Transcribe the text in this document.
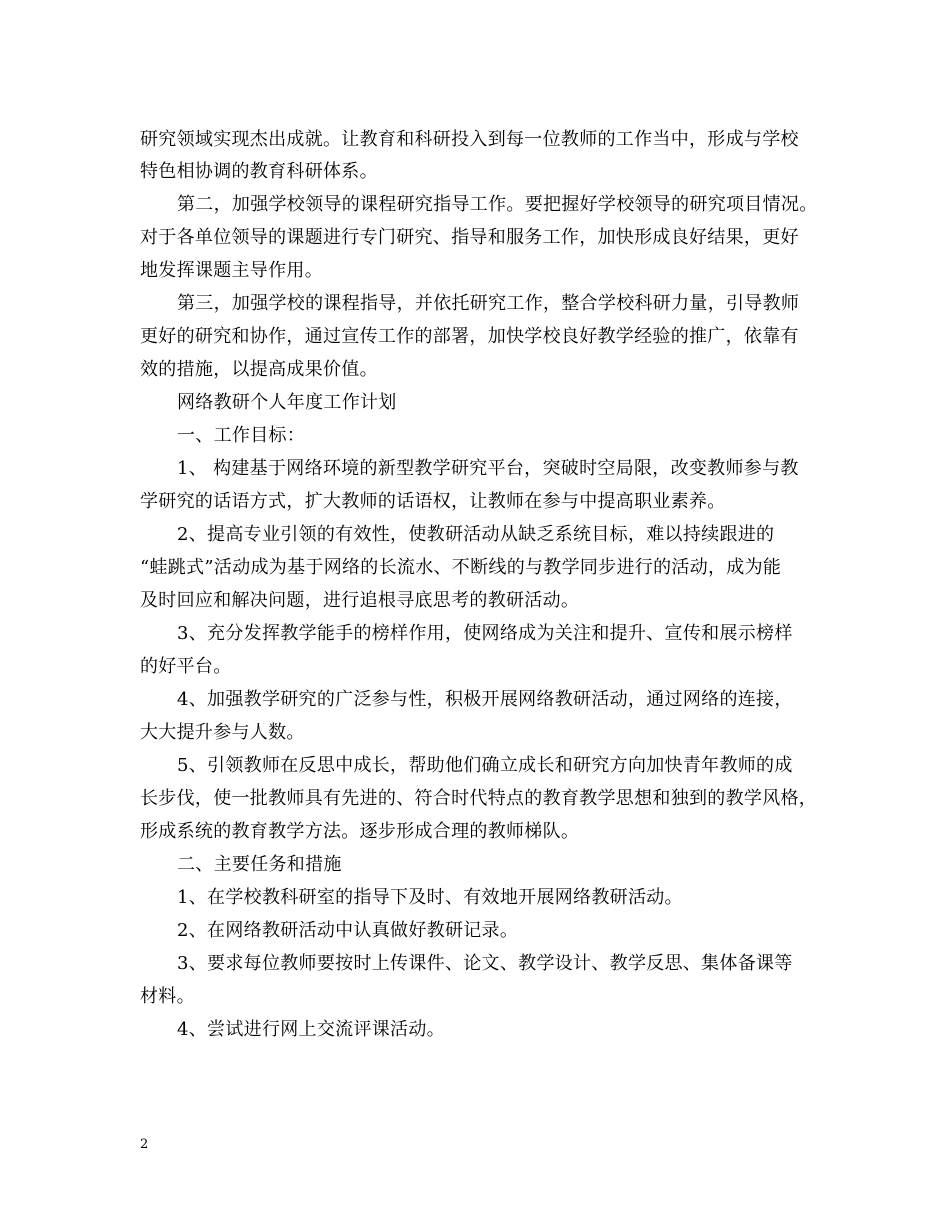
研究领域实现杰出成就。让教育和科研投入到每一位教师的工作当中，形成与学校
特色相协调的教育科研体系。
第二，加强学校领导的课程研究指导工作。要把握好学校领导的研究项目情况。
对于各单位领导的课题进行专门研究、指导和服务工作，加快形成良好结果，更好
地发挥课题主导作用。
第三，加强学校的课程指导，并依托研究工作，整合学校科研力量，引导教师
更好的研究和协作，通过宣传工作的部署，加快学校良好教学经验的推广，依靠有
效的措施，以提高成果价值。
网络教研个人年度工作计划
一、工作目标：
1、 构建基于网络环境的新型教学研究平台，突破时空局限，改变教师参与教
学研究的话语方式，扩大教师的话语权，让教师在参与中提高职业素养。
2、提高专业引领的有效性，使教研活动从缺乏系统目标，难以持续跟进的
“蛙跳式”活动成为基于网络的长流水、不断线的与教学同步进行的活动，成为能
及时回应和解决问题，进行追根寻底思考的教研活动。
3、充分发挥教学能手的榜样作用，使网络成为关注和提升、宣传和展示榜样
的好平台。
4、加强教学研究的广泛参与性，积极开展网络教研活动，通过网络的连接，
大大提升参与人数。
5、引领教师在反思中成长，帮助他们确立成长和研究方向加快青年教师的成
长步伐，使一批教师具有先进的、符合时代特点的教育教学思想和独到的教学风格，
形成系统的教育教学方法。逐步形成合理的教师梯队。
二、主要任务和措施
1、在学校教科研室的指导下及时、有效地开展网络教研活动。
2、在网络教研活动中认真做好教研记录。
3、要求每位教师要按时上传课件、论文、教学设计、教学反思、集体备课等
材料。
4、尝试进行网上交流评课活动。
2
